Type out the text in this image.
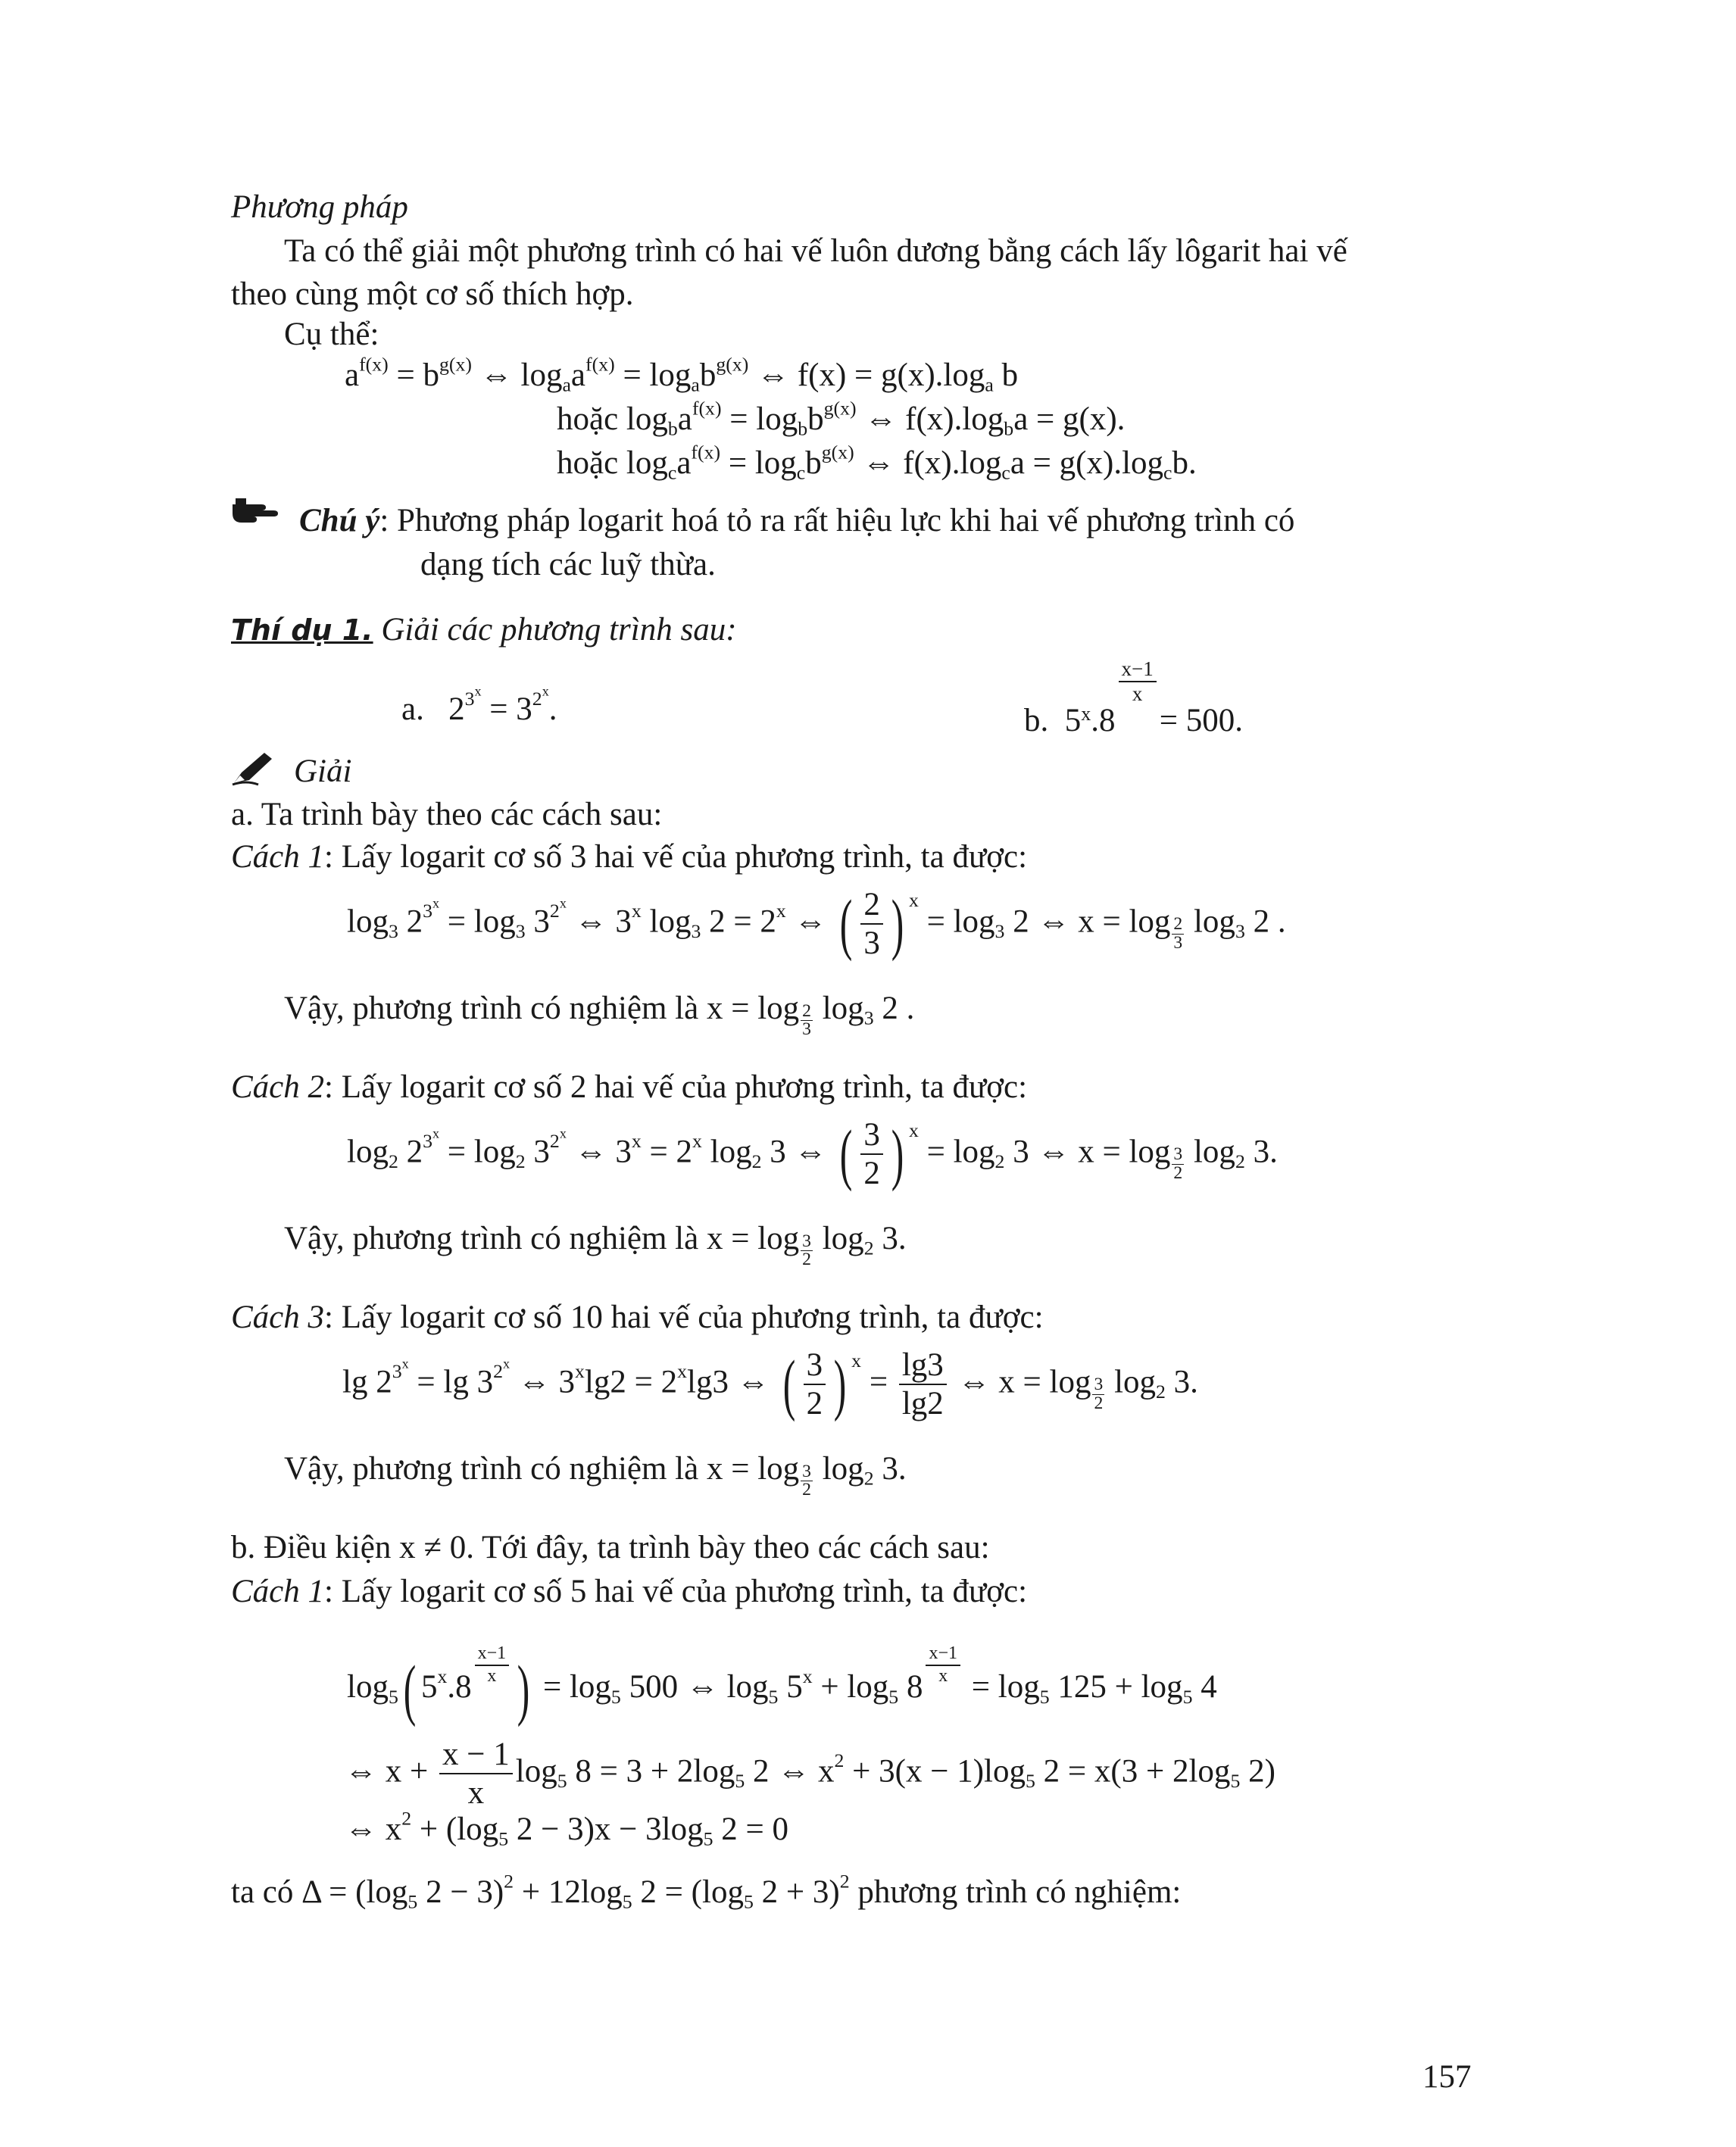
Phương pháp
Ta có thể giải một phương trình có hai vế luôn dương bằng cách lấy lôgarit hai vế
theo cùng một cơ số thích hợp.
Cụ thể:
$a^{f(x)} = b^{g(x)}$ ⇔ $\log_aa^{f(x)} = \log_ab^{g(x)}$ ⇔ $f(x) = g(x).\log_a$ b
hoặc $\log_ba^{f(x)} = \log_bb^{g(x)}$ ⇔ $f(x).\log_ba = g(x)$.
hoặc $\log_ca^{f(x)} = \log_cb^{g(x)}$ ⇔ $f(x).\log_ca = g(x).\log_cb$.
Chú ý: Phương pháp logarit hoá tỏ ra rất hiệu lực khi hai vế phương trình có
dạng tích các luỹ thừa.
Thí dụ 1. Giải các phương trình sau:
a. $2^{3^x} = 3^{2^x}$.	b. 5x.8
$\frac{x-1}{x}$
= 500.
Giải
a. Ta trình bày theo các cách sau:
Cách 1: Lấy logarit cơ số 3 hai vế của phương trình, ta được:
$\log_3 2^{3^x} = \log_3 3^{2^x}$ ⇔ 3$^x$ $\log_3 2 = 2^x$ ⇔ ( $\frac{2}{3}$ ) $^x = \log_3 2$ ⇔ $x = \log \frac{2}{3} \log_3 2$ .
Vậy, phương trình có nghiệm là $x = \log \frac{2}{3} \log_3 2$ .
Cách 2: Lấy logarit cơ số 2 hai vế của phương trình, ta được:
$\log_2 2^{3^x} = \log_2 3^{2^x}$ ⇔ $3^x = 2^x$ $\log_2 3$ ⇔ ( $\frac{3}{2}$ ) $^x = \log_2 3$ ⇔ $x = \log \frac{3}{2} \log_2 3$.
Vậy, phương trình có nghiệm là $x = \log \frac{3}{2} \log_2 3$.
Cách 3: Lấy logarit cơ số 10 hai vế của phương trình, ta được:
$\lg 2^{3^x} = \lg 3^{2^x}$ ⇔ $3^x\lg 2 = 2^x\lg 3$ ⇔ ( $\frac{3}{2}$ ) $^x = \frac{\lg 3}{\lg 2}$ ⇔ $x = \log \frac{3}{2} \log_2 3$.
Vậy, phương trình có nghiệm là $x = \log \frac{3}{2} \log_2 3$.
b. Điều kiện x ≠ 0. Tới đây, ta trình bày theo các cách sau:
Cách 1: Lấy logarit cơ số 5 hai vế của phương trình, ta được:
$\log_5$( 5$^x$.8
$\frac{x-1}{x}$ ) = $\log_5 500$ ⇔ $\log_5 5^x + \log_5 8$
$\frac{x-1}{x}$
= $\log_5 125 + \log_5 4$
⇔ $x + \frac{x - 1}{x} \log_5 8 = 3 + 2\log_5$ 2 ⇔ $x^2 + 3(x - 1)\log_5$ $2 = x(3 + 2\log_5$ 2)
⇔ $x^2 + (\log_5$ $2 - 3)x - 3\log_5$ 2 = 0
ta có $\Delta = (\log_5$ $2 - 3)^2 + 12\log_5$ $2 = (\log_5$ 2 + 3)$^2$ phương trình có nghiệm:
157
